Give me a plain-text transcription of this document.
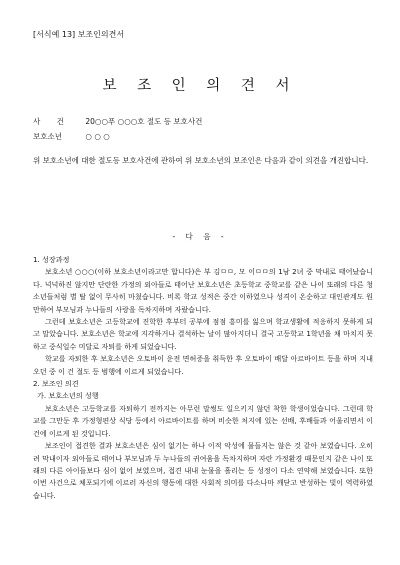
[서식예 13] 보조인의견서
보 조 인 의 견 서
사 건 20○○푸 ○○○호 절도 등 보호사건
보호소년	○ ○ ○
위 보호소년에 대한 절도등 보호사건에 관하여 위 보호소년의 보조인은 다음과 같이 의견을 개진합니다.
- 다 음 -

1. 성장과정

보호소년 ○○○(이하 보호소년이라고만 합니다)은 부 김ㅁㅁ, 모 이ㅁㅁ의 1남 2녀 중 막내로 태어났습니다. 넉넉하진 않지만 단란한 가정의 외아들로 태어난 보호소년은 초등학교 중학교를 같은 나이 또래의 다른 청소년들처럼 별 탈 없이 무사히 마쳤습니다. 비록 학교 성적은 중간 이하였으나 성격이 온순하고 대인관계도 원만하여 부모님과 누나들의 사랑을 독차지하며 자랐습니다.

그런데 보호소년은 고등학교에 진학한 후부터 공부에 점점 흥미를 잃으며 학교생활에 적응하지 못하게 되고 말았습니다. 보호소년은 학교에 지각하거나 결석하는 날이 많아지더니 결국 고등학교 1학년을 채 마치지 못하고 중식일수 미달로 자퇴를 하게 되었습니다.

학교를 자퇴한 후 보호소년은 오토바이 운전 면허증을 취득한 후 오토바이 배달 아르바이트 등을 하며 지내오던 중 이 건 절도 등 범행에 이르게 되었습니다.

2. 보조인 의견

가. 보호소년의 성행

보호소년은 고등학교를 자퇴하기 전까지는 아무런 말썽도 일으키지 않던 착한 학생이었습니다. 그런데 학교를 그만둔 후 가정형편상 식당 등에서 아르바이트를 하며 비슷한 처지에 있는 선배, 후배들과 어울리면서 이 건에 이르게 된 것입니다.

보조인이 접견한 결과 보호소년은 심이 없기는 하나 이적 악성에 물들지는 않은 것 같아 보였습니다. 오히려 막내이자 외아들로 태어나 부모님과 두 누나들의 귀여움을 독차지하며 자란 가정환경 때문인지 같은 나이 또래의 다른 아이들보다 심이 없어 보였으며, 접견 내내 눈물을 흘리는 등 성정이 다소 연약해 보였습니다. 또한 이번 사건으로 체포되기에 이르러 자신의 행동에 대한 사회적 의미를 다소나마 깨닫고 반성하는 빛이 역력하였습니다.
